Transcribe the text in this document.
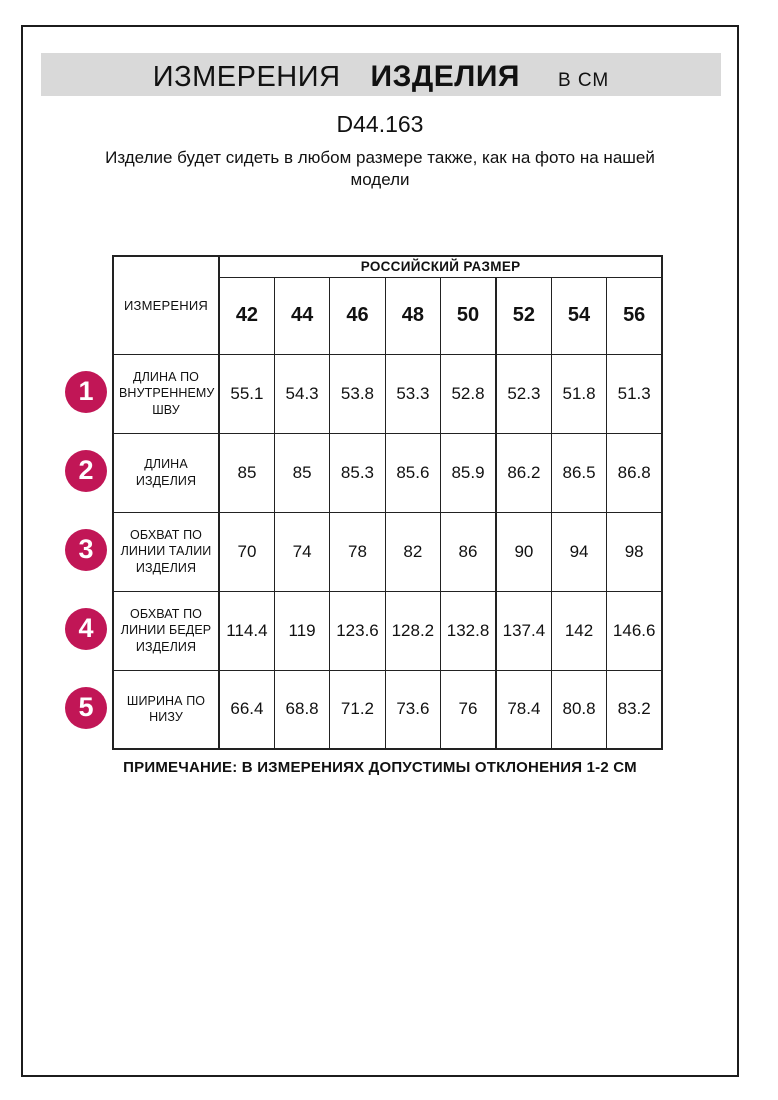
ИЗМЕРЕНИЯ ИЗДЕЛИЯ В СМ
D44.163
Изделие будет сидеть в любом размере также, как на фото на нашей модели
ИЗМЕРЕНИЯ	РОССИЙСКИЙ РАЗМЕР							
	42	44	46	48	50	52	54	56
ДЛИНА ПО ВНУТРЕННЕМУ ШВУ	55.1	54.3	53.8	53.3	52.8	52.3	51.8	51.3
ДЛИНА ИЗДЕЛИЯ	85	85	85.3	85.6	85.9	86.2	86.5	86.8
ОБХВАТ ПО ЛИНИИ ТАЛИИ ИЗДЕЛИЯ	70	74	78	82	86	90	94	98
ОБХВАТ ПО ЛИНИИ БЕДЕР ИЗДЕЛИЯ	114.4	119	123.6	128.2	132.8	137.4	142	146.6
ШИРИНА ПО НИЗУ	66.4	68.8	71.2	73.6	76	78.4	80.8	83.2
1
2
3
4
5
ПРИМЕЧАНИЕ: В ИЗМЕРЕНИЯХ ДОПУСТИМЫ ОТКЛОНЕНИЯ 1-2 СМ
